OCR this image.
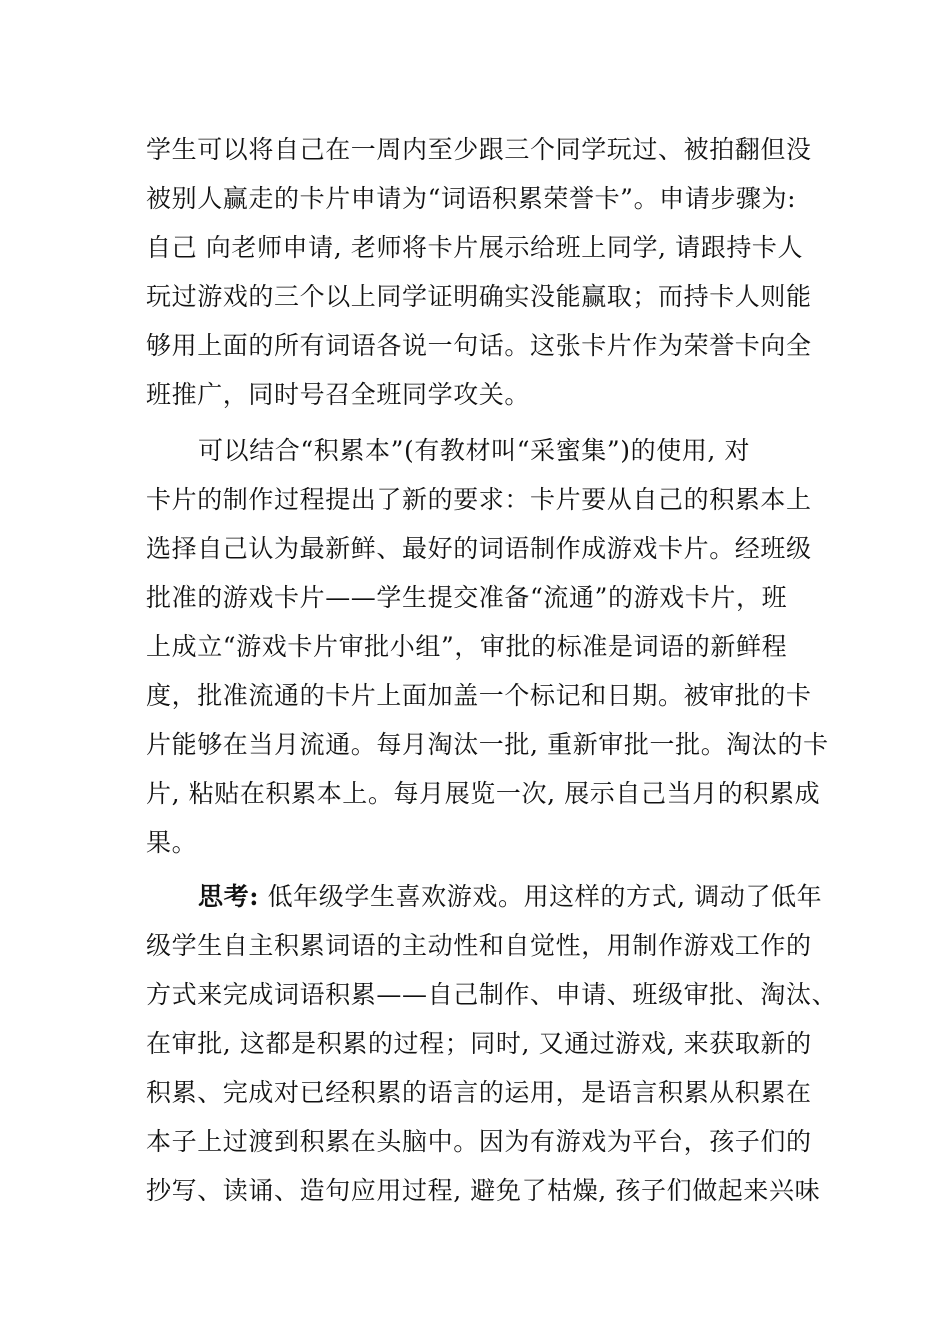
学生可以将自己在一周内至少跟三个同学玩过、被拍翻但没
被别人赢走的卡片申请为“词语积累荣誉卡”。申请步骤为:
自己 向老师申请, 老师将卡片展示给班上同学, 请跟持卡人
玩过游戏的三个以上同学证明确实没能赢取；而持卡人则能
够用上面的所有词语各说一句话。这张卡片作为荣誉卡向全
班推广，同时号召全班同学攻关。
可以结合“积累本”(有教材叫“采蜜集”)的使用, 对
卡片的制作过程提出了新的要求：卡片要从自己的积累本上
选择自己认为最新鲜、最好的词语制作成游戏卡片。经班级
批准的游戏卡片——学生提交准备“流通”的游戏卡片，班
上成立“游戏卡片审批小组”，审批的标准是词语的新鲜程
度，批准流通的卡片上面加盖一个标记和日期。被审批的卡
片能够在当月流通。每月淘汰一批, 重新审批一批。淘汰的卡
片, 粘贴在积累本上。每月展览一次, 展示自己当月的积累成
果。
思考: 低年级学生喜欢游戏。用这样的方式, 调动了低年
级学生自主积累词语的主动性和自觉性，用制作游戏工作的
方式来完成词语积累——自己制作、申请、班级审批、淘汰、
在审批, 这都是积累的过程；同时, 又通过游戏, 来获取新的
积累、完成对已经积累的语言的运用，是语言积累从积累在
本子上过渡到积累在头脑中。因为有游戏为平台，孩子们的
抄写、读诵、造句应用过程, 避免了枯燥, 孩子们做起来兴味
